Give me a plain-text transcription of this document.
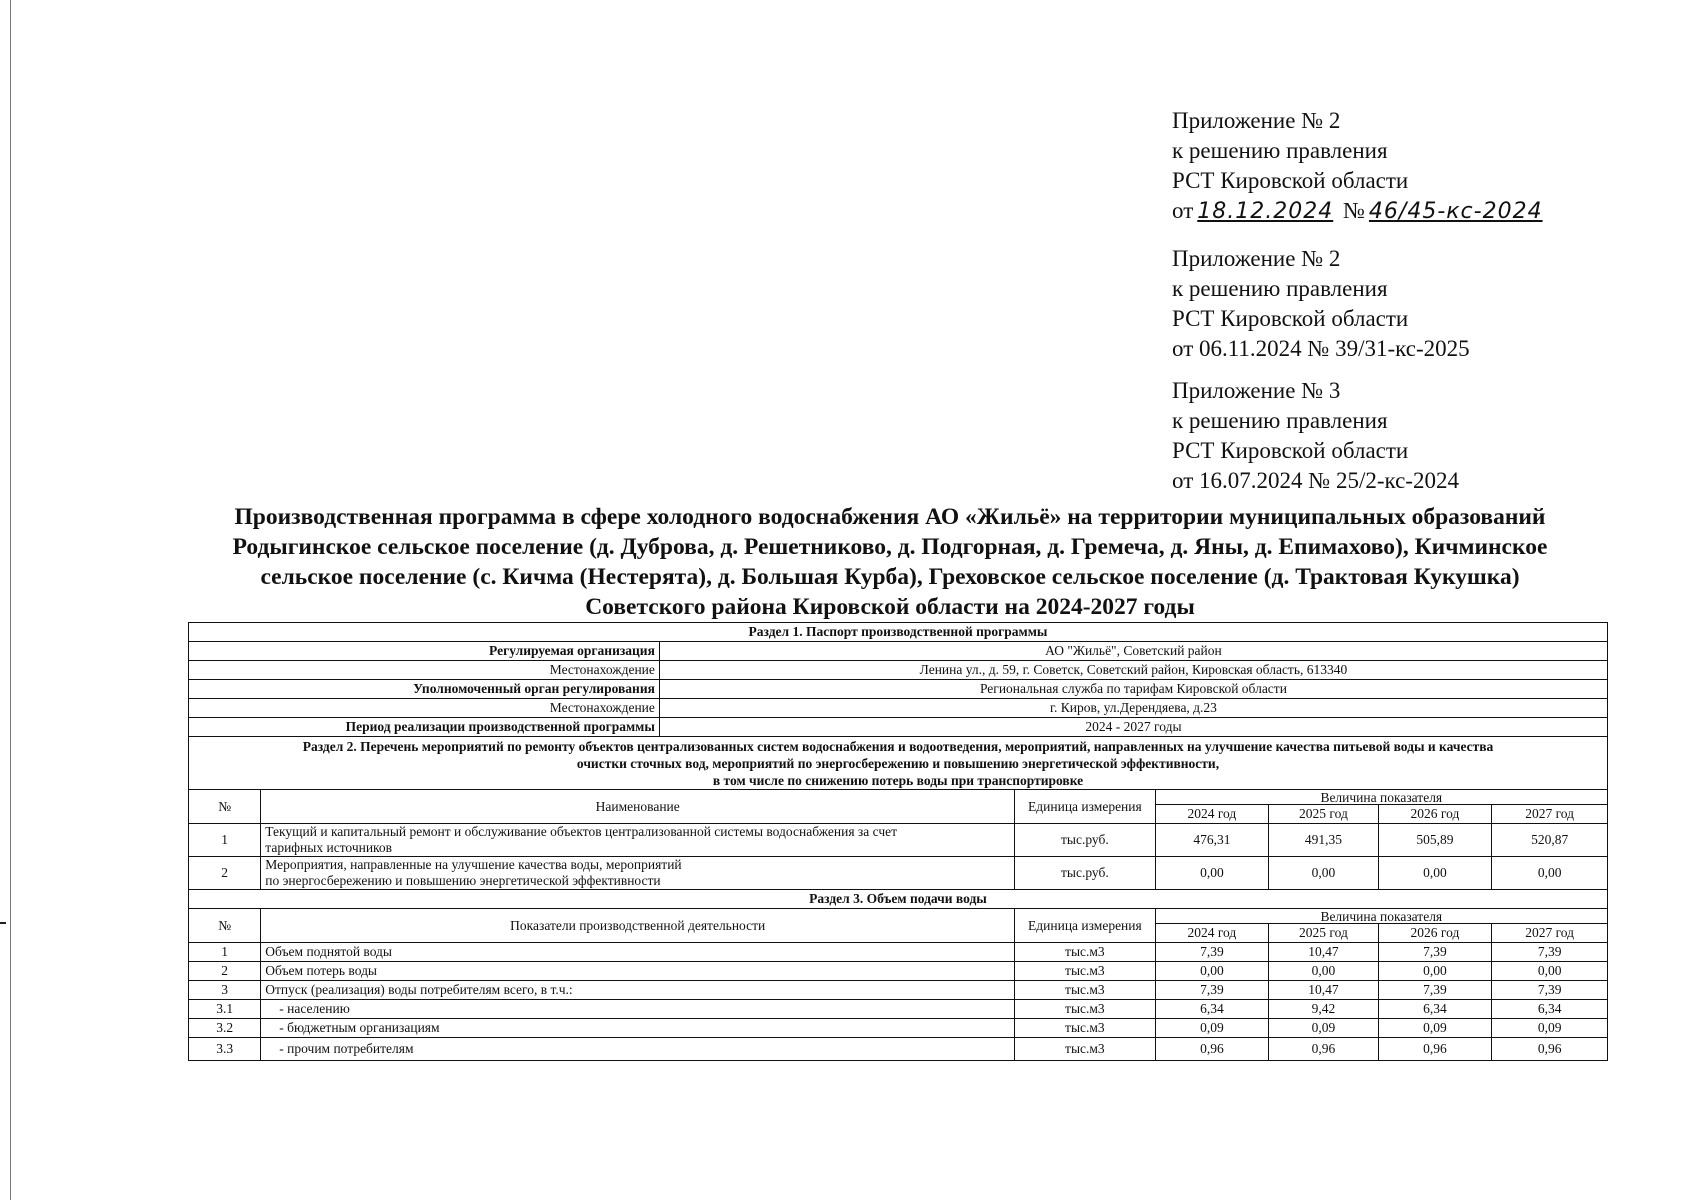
Приложение № 2
к решению правления
РСТ Кировской области
от 18.12.2024 № 46/45-кс-2024
Приложение № 2
к решению правления
РСТ Кировской области
от 06.11.2024 № 39/31-кс-2025
Приложение № 3
к решению правления
РСТ Кировской области
от 16.07.2024 № 25/2-кс-2024
Производственная программа в сфере холодного водоснабжения АО «Жильё» на территории муниципальных образований
Родыгинское сельское поселение (д. Дуброва, д. Решетниково, д. Подгорная, д. Гремеча, д. Яны, д. Епимахово), Кичминское
сельское поселение (с. Кичма (Нестерята), д. Большая Курба), Греховское сельское поселение (д. Трактовая Кукушка)
Советского района Кировской области на 2024-2027 годы
Раздел 1. Паспорт производственной программы							
Регулируемая организация		АО "Жильё", Советский район					
Местонахождение		Ленина ул., д. 59, г. Советск, Советский район, Кировская область, 613340					
Уполномоченный орган регулирования		Региональная служба по тарифам Кировской области					
Местонахождение		г. Киров, ул.Дерендяева, д.23					
Период реализации производственной программы		2024 - 2027 годы					

Раздел 2. Перечень мероприятий по ремонту объектов централизованных систем водоснабжения и водоотведения, мероприятий, направленных на улучшение качества питьевой воды и качества
очистки сточных вод, мероприятий по энергосбережению и повышению энергетической эффективности,
в том числе по снижению потерь воды при транспортировке							

№	Наименование		Единица измерения	Величина показателя			
				2024 год	2025 год	2026 год	2027 год
1	Текущий и капитальный ремонт и обслуживание объектов централизованной системы водоснабжения за счет
тарифных источников		тыс.руб.	476,31	491,35	505,89	520,87
2	Мероприятия, направленные на улучшение качества воды, мероприятий
по энергосбережению и повышению энергетической эффективности		тыс.руб.	0,00	0,00	0,00	0,00
Раздел 3. Объем подачи воды							
№	Показатели производственной деятельности		Единица измерения	Величина показателя			
				2024 год	2025 год	2026 год	2027 год
1	Объем поднятой воды		тыс.м3	7,39	10,47	7,39	7,39
2	Объем потерь воды		тыс.м3	0,00	0,00	0,00	0,00
3	Отпуск (реализация) воды потребителям всего, в т.ч.:		тыс.м3	7,39	10,47	7,39	7,39
3.1	- населению		тыс.м3	6,34	9,42	6,34	6,34
3.2	- бюджетным организациям		тыс.м3	0,09	0,09	0,09	0,09
3.3	- прочим потребителям		тыс.м3	0,96	0,96	0,96	0,96
